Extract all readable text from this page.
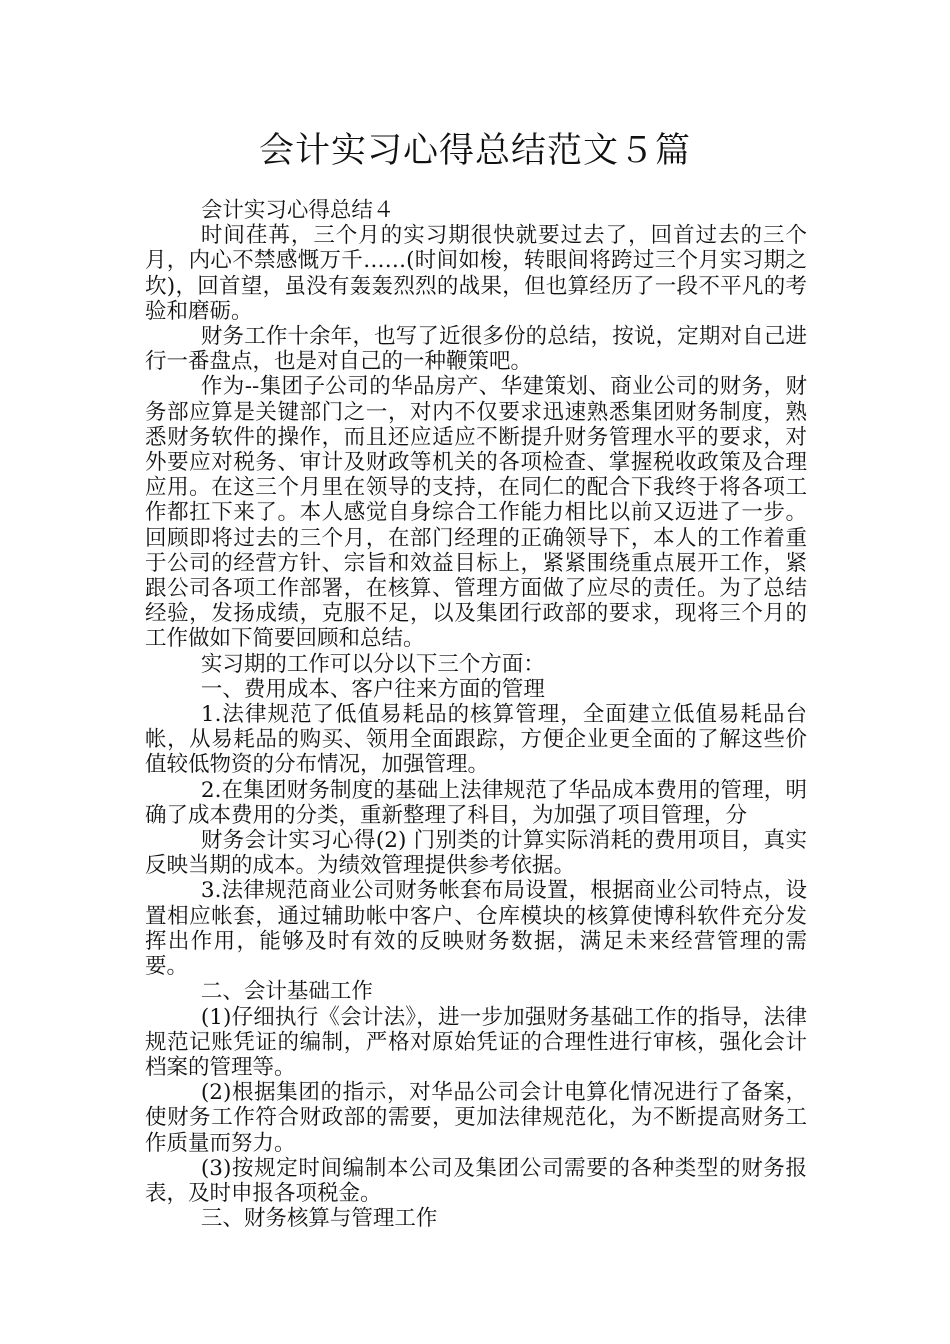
会计实习心得总结范文５篇

会计实习心得总结４

时间荏苒，三个月的实习期很快就要过去了，回首过去的三个月，内心不禁感慨万千……(时间如梭，转眼间将跨过三个月实习期之坎)，回首望，虽没有轰轰烈烈的战果，但也算经历了一段不平凡的考验和磨砺。

财务工作十余年，也写了近很多份的总结，按说，定期对自己进行一番盘点，也是对自己的一种鞭策吧。

作为--集团子公司的华品房产、华建策划、商业公司的财务，财务部应算是关键部门之一，对内不仅要求迅速熟悉集团财务制度，熟悉财务软件的操作，而且还应适应不断提升财务管理水平的要求，对外要应对税务、审计及财政等机关的各项检查、掌握税收政策及合理应用。在这三个月里在领导的支持，在同仁的配合下我终于将各项工作都扛下来了。本人感觉自身综合工作能力相比以前又迈进了一步。回顾即将过去的三个月，在部门经理的正确领导下，本人的工作着重于公司的经营方针、宗旨和效益目标上，紧紧围绕重点展开工作，紧跟公司各项工作部署，在核算、管理方面做了应尽的责任。为了总结经验，发扬成绩，克服不足，以及集团行政部的要求，现将三个月的工作做如下简要回顾和总结。

实习期的工作可以分以下三个方面：

一、费用成本、客户往来方面的管理

1.法律规范了低值易耗品的核算管理，全面建立低值易耗品台帐，从易耗品的购买、领用全面跟踪，方便企业更全面的了解这些价值较低物资的分布情况，加强管理。

2.在集团财务制度的基础上法律规范了华品成本费用的管理，明确了成本费用的分类，重新整理了科目，为加强了项目管理，分

财务会计实习心得(2) 门别类的计算实际消耗的费用项目，真实反映当期的成本。为绩效管理提供参考依据。

3.法律规范商业公司财务帐套布局设置，根据商业公司特点，设置相应帐套，通过辅助帐中客户、仓库模块的核算使博科软件充分发挥出作用，能够及时有效的反映财务数据，满足未来经营管理的需要。

二、会计基础工作

(1)仔细执行《会计法》，进一步加强财务基础工作的指导，法律规范记账凭证的编制，严格对原始凭证的合理性进行审核，强化会计档案的管理等。

(2)根据集团的指示，对华品公司会计电算化情况进行了备案，使财务工作符合财政部的需要，更加法律规范化，为不断提高财务工作质量而努力。

(3)按规定时间编制本公司及集团公司需要的各种类型的财务报表，及时申报各项税金。

三、财务核算与管理工作
